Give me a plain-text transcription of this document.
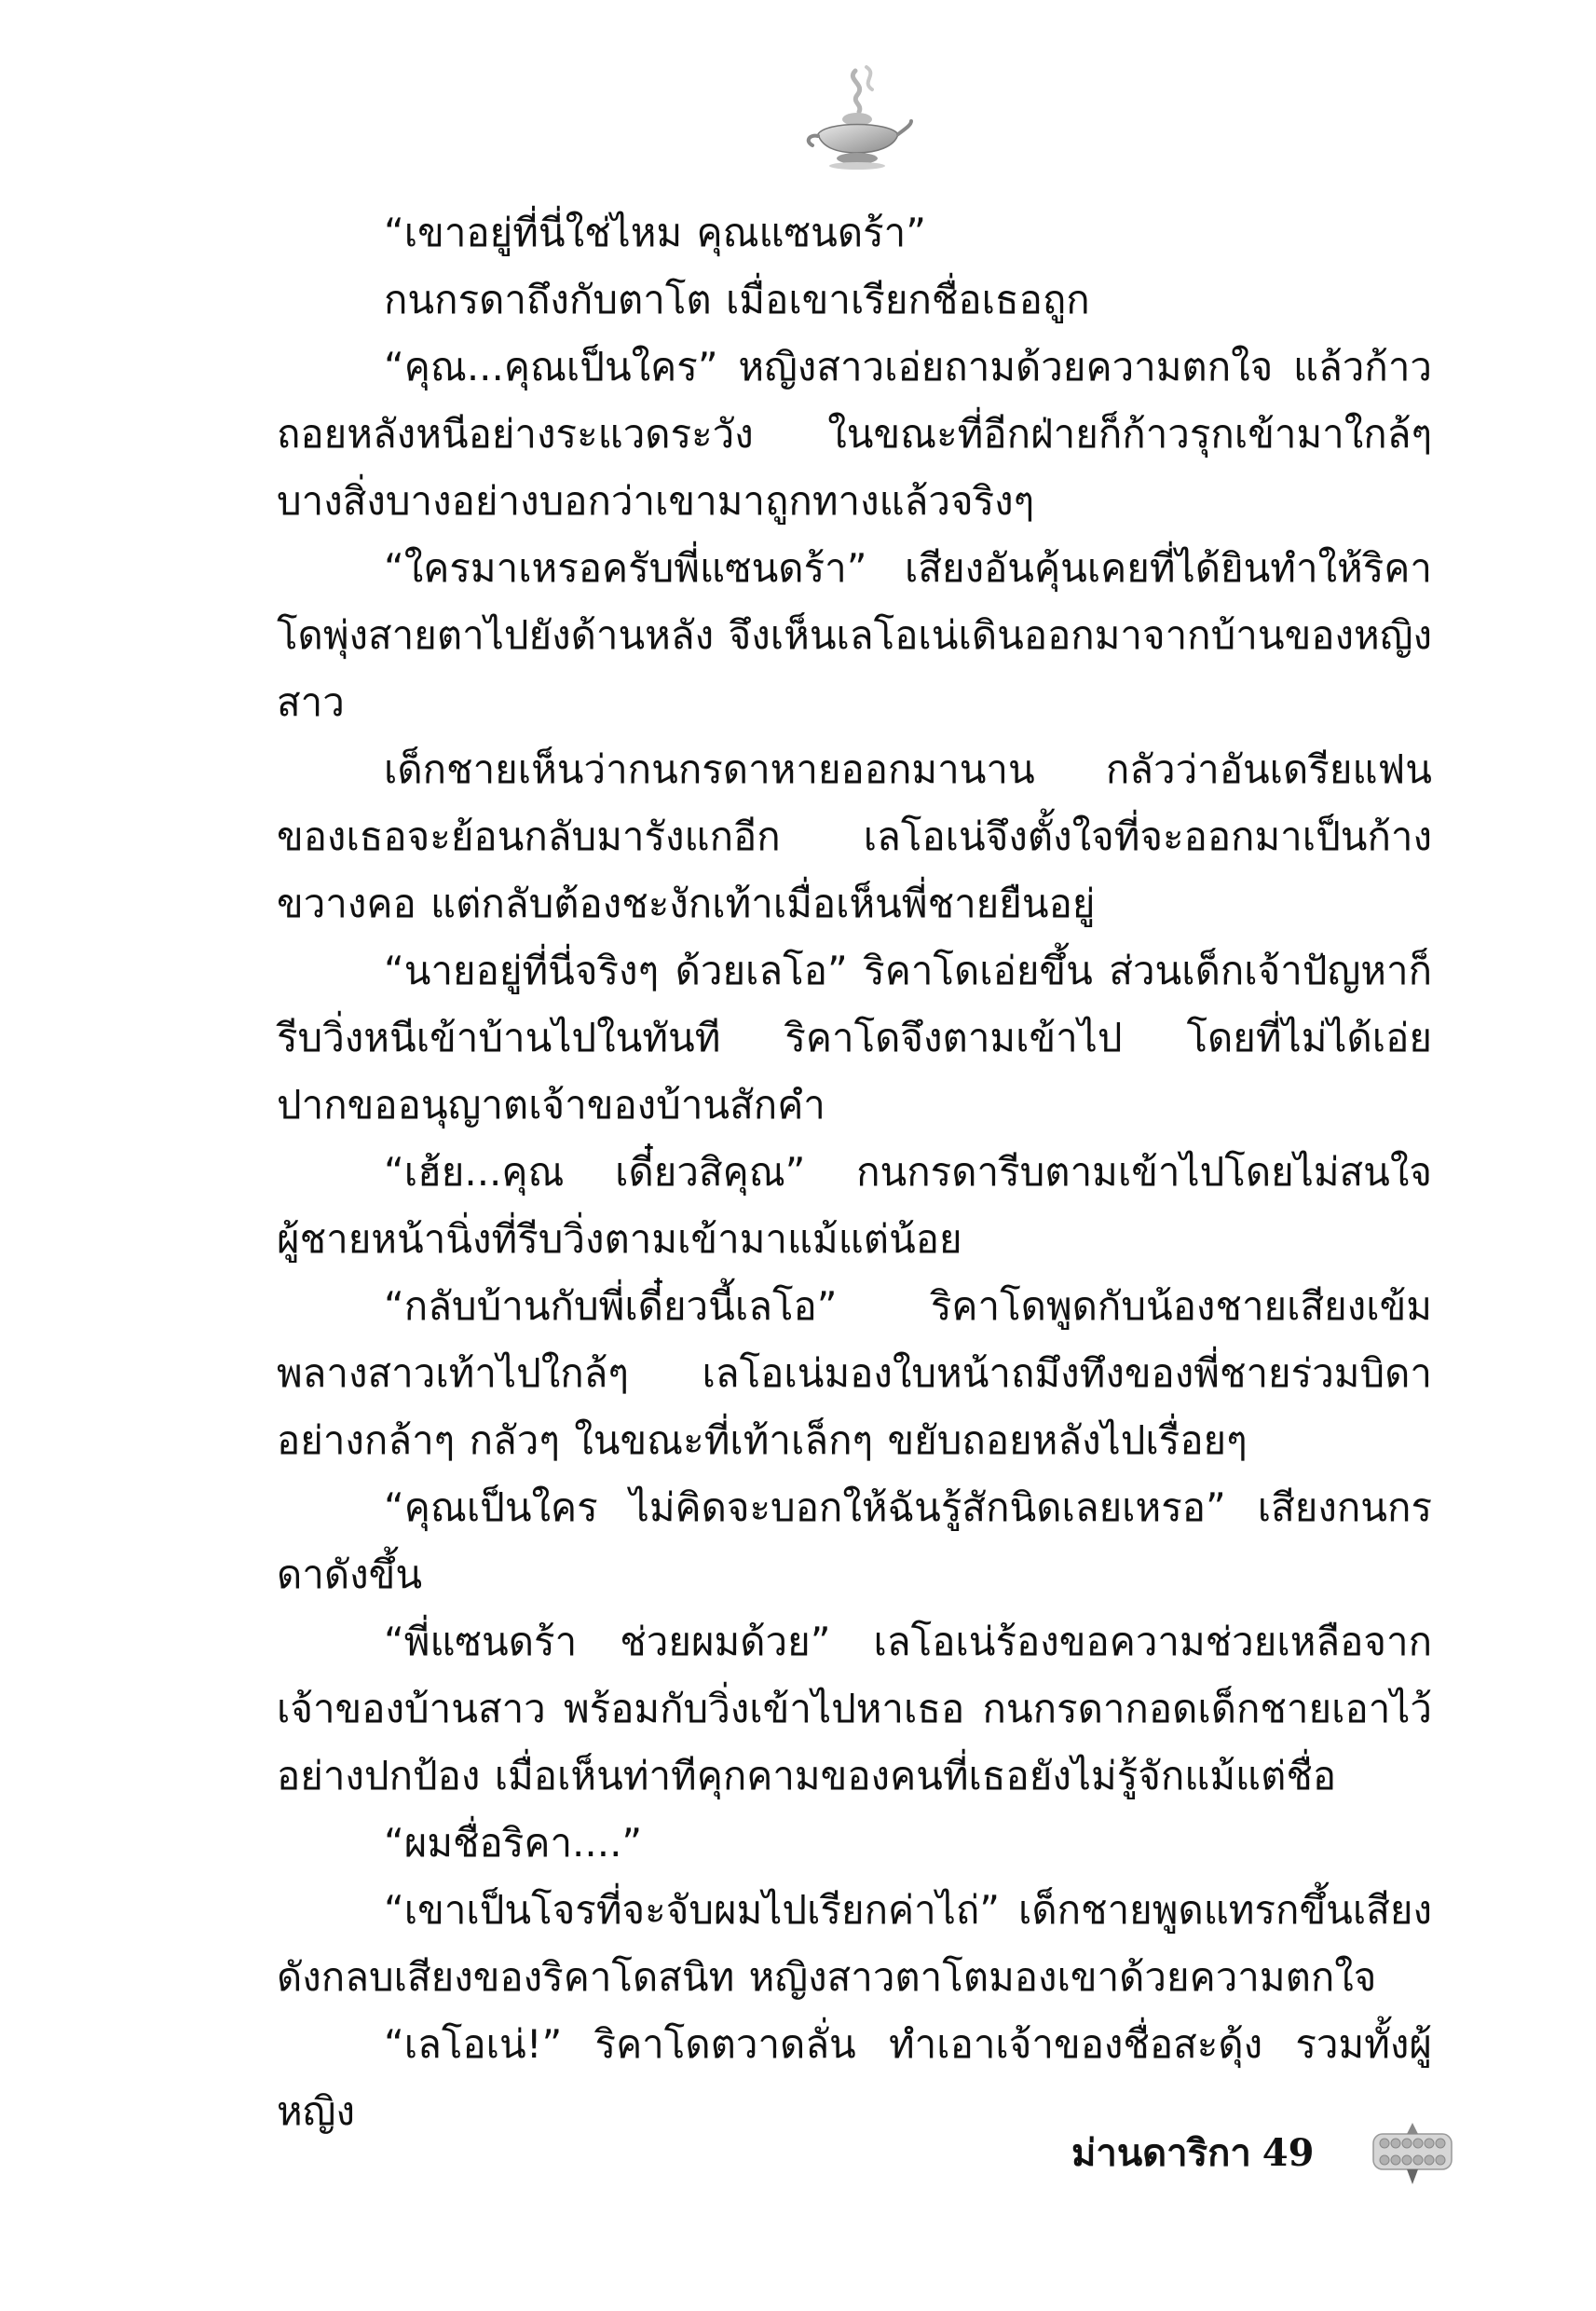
“เขาอยู่ที่นี่ใช่ไหม คุณแซนดร้า”

กนกรดาถึงกับตาโต เมื่อเขาเรียกชื่อเธอถูก

“คุณ...คุณเป็นใคร” หญิงสาวเอ่ยถามด้วยความตกใจ แล้วก้าวถอยหลังหนีอย่างระแวดระวัง ในขณะที่อีกฝ่ายก็ก้าวรุกเข้ามาใกล้ๆ บางสิ่งบางอย่างบอกว่าเขามาถูกทางแล้วจริงๆ

“ใครมาเหรอครับพี่แซนดร้า” เสียงอันคุ้นเคยที่ได้ยินทำให้ริคาโดพุ่งสายตาไปยังด้านหลัง จึงเห็นเลโอเน่เดินออกมาจากบ้านของหญิงสาว

เด็กชายเห็นว่ากนกรดาหายออกมานาน กลัวว่าอันเดรียแฟนของเธอจะย้อนกลับมารังแกอีก เลโอเน่จึงตั้งใจที่จะออกมาเป็นก้างขวางคอ แต่กลับต้องชะงักเท้าเมื่อเห็นพี่ชายยืนอยู่

“นายอยู่ที่นี่จริงๆ ด้วยเลโอ” ริคาโดเอ่ยขึ้น ส่วนเด็กเจ้าปัญหาก็รีบวิ่งหนีเข้าบ้านไปในทันที ริคาโดจึงตามเข้าไป โดยที่ไม่ได้เอ่ยปากขออนุญาตเจ้าของบ้านสักคำ

“เฮ้ย...คุณ เดี๋ยวสิคุณ” กนกรดารีบตามเข้าไปโดยไม่สนใจผู้ชายหน้านิ่งที่รีบวิ่งตามเข้ามาแม้แต่น้อย

“กลับบ้านกับพี่เดี๋ยวนี้เลโอ” ริคาโดพูดกับน้องชายเสียงเข้มพลางสาวเท้าไปใกล้ๆ เลโอเน่มองใบหน้าถมึงทึงของพี่ชายร่วมบิดาอย่างกล้าๆ กลัวๆ ในขณะที่เท้าเล็กๆ ขยับถอยหลังไปเรื่อยๆ

“คุณเป็นใคร ไม่คิดจะบอกให้ฉันรู้สักนิดเลยเหรอ” เสียงกนกรดาดังขึ้น

“พี่แซนดร้า ช่วยผมด้วย” เลโอเน่ร้องขอความช่วยเหลือจากเจ้าของบ้านสาว พร้อมกับวิ่งเข้าไปหาเธอ กนกรดากอดเด็กชายเอาไว้อย่างปกป้อง เมื่อเห็นท่าทีคุกคามของคนที่เธอยังไม่รู้จักแม้แต่ชื่อ

“ผมชื่อริคา....”

“เขาเป็นโจรที่จะจับผมไปเรียกค่าไถ่” เด็กชายพูดแทรกขึ้นเสียงดังกลบเสียงของริคาโดสนิท หญิงสาวตาโตมองเขาด้วยความตกใจ

“เลโอเน่!” ริคาโดตวาดลั่น ทำเอาเจ้าของชื่อสะดุ้ง รวมทั้งผู้หญิง

ม่านดาริกา 49
